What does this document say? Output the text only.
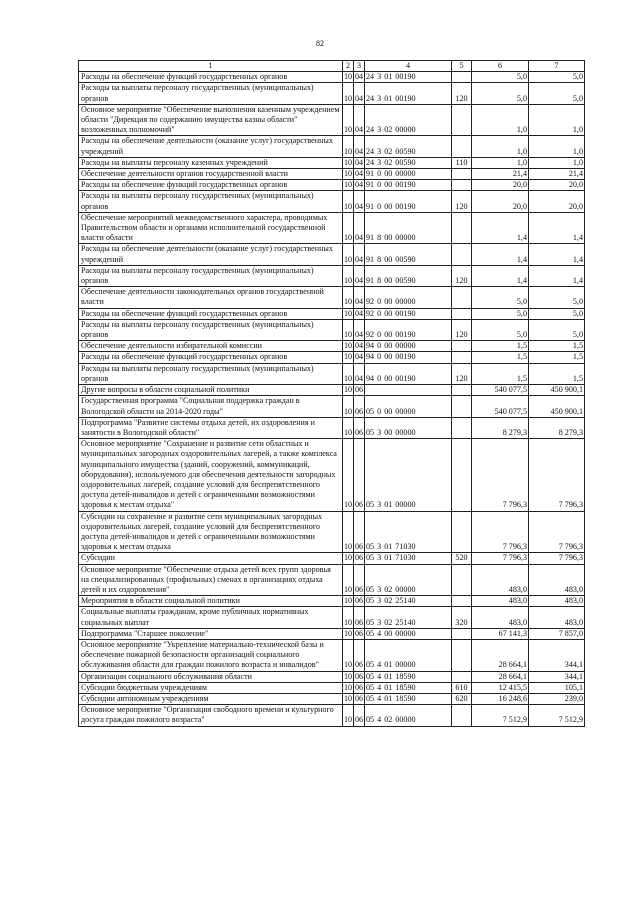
82
1	2	3	4	5	6	7
Расходы на обеспечение функций государственных органов	10	04	24 3 01 00190		5,0	5,0
Расходы на выплаты персоналу государственных (муниципальных) органов	10	04	24 3 01 00190	120	5,0	5,0
Основное мероприятие "Обеспечение выполнения казенным учреждением области "Дирекция по содержанию имущества казны области" возложенных полномочий"	10	04	24 3 02 00000		1,0	1,0
Расходы на обеспечение деятельности (оказание услуг) государственных учреждений	10	04	24 3 02 00590		1,0	1,0
Расходы на выплаты персоналу казенных учреждений	10	04	24 3 02 00590	110	1,0	1,0
Обеспечение деятельности органов государственной власти	10	04	91 0 00 00000		21,4	21,4
Расходы на обеспечение функций государственных органов	10	04	91 0 00 00190		20,0	20,0
Расходы на выплаты персоналу государственных (муниципальных) органов	10	04	91 0 00 00190	120	20,0	20,0
Обеспечение мероприятий межведомственного характера, проводимых Правительством области и органами исполнительной государственной власти области	10	04	91 8 00 00000		1,4	1,4
Расходы на обеспечение деятельности (оказание услуг) государственных учреждений	10	04	91 8 00 00590		1,4	1,4
Расходы на выплаты персоналу государственных (муниципальных) органов	10	04	91 8 00 00590	120	1,4	1,4
Обеспечение деятельности законодательных органов государственной власти	10	04	92 0 00 00000		5,0	5,0
Расходы на обеспечение функций государственных органов	10	04	92 0 00 00190		5,0	5,0
Расходы на выплаты персоналу государственных (муниципальных) органов	10	04	92 0 00 00190	120	5,0	5,0
Обеспечение деятельности избирательной комиссии	10	04	94 0 00 00000		1,5	1,5
Расходы на обеспечение функций государственных органов	10	04	94 0 00 00190		1,5	1,5
Расходы на выплаты персоналу государственных (муниципальных) органов	10	04	94 0 00 00190	120	1,5	1,5
Другие вопросы в области социальной политики	10	06			540 077,5	450 900,1
Государственная программа "Социальная поддержка граждан в Вологодской области на 2014-2020 годы"	10	06	05 0 00 00000		540 077,5	450 900,1
Подпрограмма "Развитие системы отдыха детей, их оздоровления и занятости в Вологодской области"	10	06	05 3 00 00000		8 279,3	8 279,3
Основное мероприятие "Сохранение и развитие сети областных и муниципальных загородных оздоровительных лагерей, а также комплекса муниципального имущества (зданий, сооружений, коммуникаций, оборудования), используемого для обеспечения деятельности загородных оздоровительных лагерей, создание условий для беспрепятственного доступа детей-инвалидов и детей с ограниченными возможностями здоровья к местам отдыха"	10	06	05 3 01 00000		7 796,3	7 796,3
Субсидии на сохранение и развитие сети муниципальных загородных оздоровительных лагерей, создание условий для беспрепятственного доступа детей-инвалидов и детей с ограниченными возможностями здоровья к местам отдыха	10	06	05 3 01 71030		7 796,3	7 796,3
Субсидии	10	06	05 3 01 71030	520	7 796,3	7 796,3
Основное мероприятие "Обеспечение отдыха детей всех групп здоровья на специализированных (профильных) сменах в организациях отдыха детей и их оздоровления"	10	06	05 3 02 00000		483,0	483,0
Мероприятия в области социальной политики	10	06	05 3 02 25140		483,0	483,0
Социальные выплаты гражданам, кроме публичных нормативных социальных выплат	10	06	05 3 02 25140	320	483,0	483,0
Подпрограмма "Старшее поколение"	10	06	05 4 00 00000		67 141,3	7 857,0
Основное мероприятие "Укрепление материально-технической базы и обеспечение пожарной безопасности организаций социального обслуживания области для граждан пожилого возраста и инвалидов"	10	06	05 4 01 00000		28 664,1	344,1
Организации социального обслуживания области	10	06	05 4 01 18590		28 664,1	344,1
Субсидии бюджетным учреждениям	10	06	05 4 01 18590	610	12 415,5	105,1
Субсидии автономным учреждениям	10	06	05 4 01 18590	620	16 248,6	239,0
Основное мероприятие "Организация свободного времени и культурного досуга граждан пожилого возраста"	10	06	05 4 02 00000		7 512,9	7 512,9
